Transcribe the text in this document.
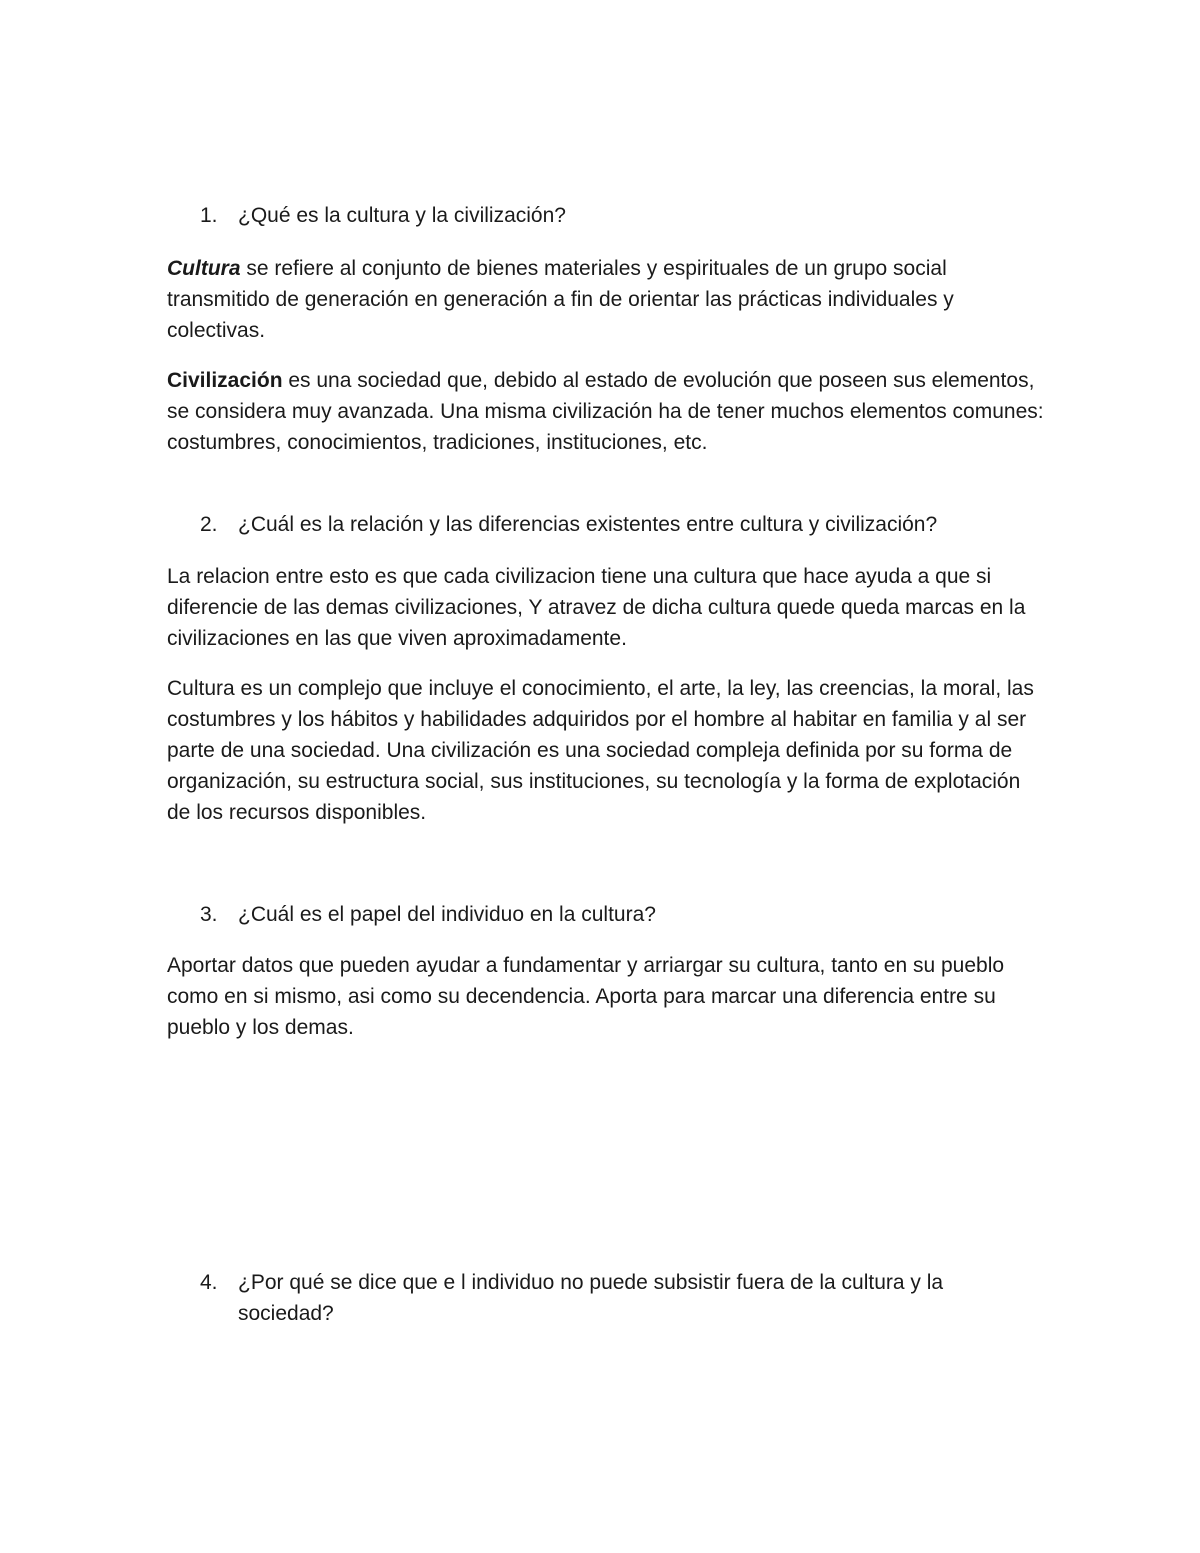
1. ¿Qué es la cultura y la civilización?
Cultura se refiere al conjunto de bienes materiales y espirituales de un grupo social transmitido de generación en generación a fin de orientar las prácticas individuales y colectivas.
Civilización es una sociedad que, debido al estado de evolución que poseen sus elementos, se considera muy avanzada. Una misma civilización ha de tener muchos elementos comunes: costumbres, conocimientos, tradiciones, instituciones, etc.
2. ¿Cuál es la relación y las diferencias existentes entre cultura y civilización?
La relacion entre esto es que cada civilizacion tiene una cultura que hace ayuda a que si diferencie de las demas civilizaciones, Y atravez de dicha cultura quede queda marcas en la civilizaciones en las que viven aproximadamente.
Cultura es un complejo que incluye el conocimiento, el arte, la ley, las creencias, la moral, las costumbres y los hábitos y habilidades adquiridos por el hombre al habitar en familia y al ser parte de una sociedad. Una civilización es una sociedad compleja definida por su forma de organización, su estructura social, sus instituciones, su tecnología y la forma de explotación de los recursos disponibles.
3. ¿Cuál es el papel del individuo en la cultura?
Aportar datos que pueden ayudar a fundamentar y arriargar su cultura, tanto en su pueblo como en si mismo, asi como su decendencia. Aporta para marcar una diferencia entre su pueblo y los demas.
4. ¿Por qué se dice que e l individuo no puede subsistir fuera de la cultura y la sociedad?
